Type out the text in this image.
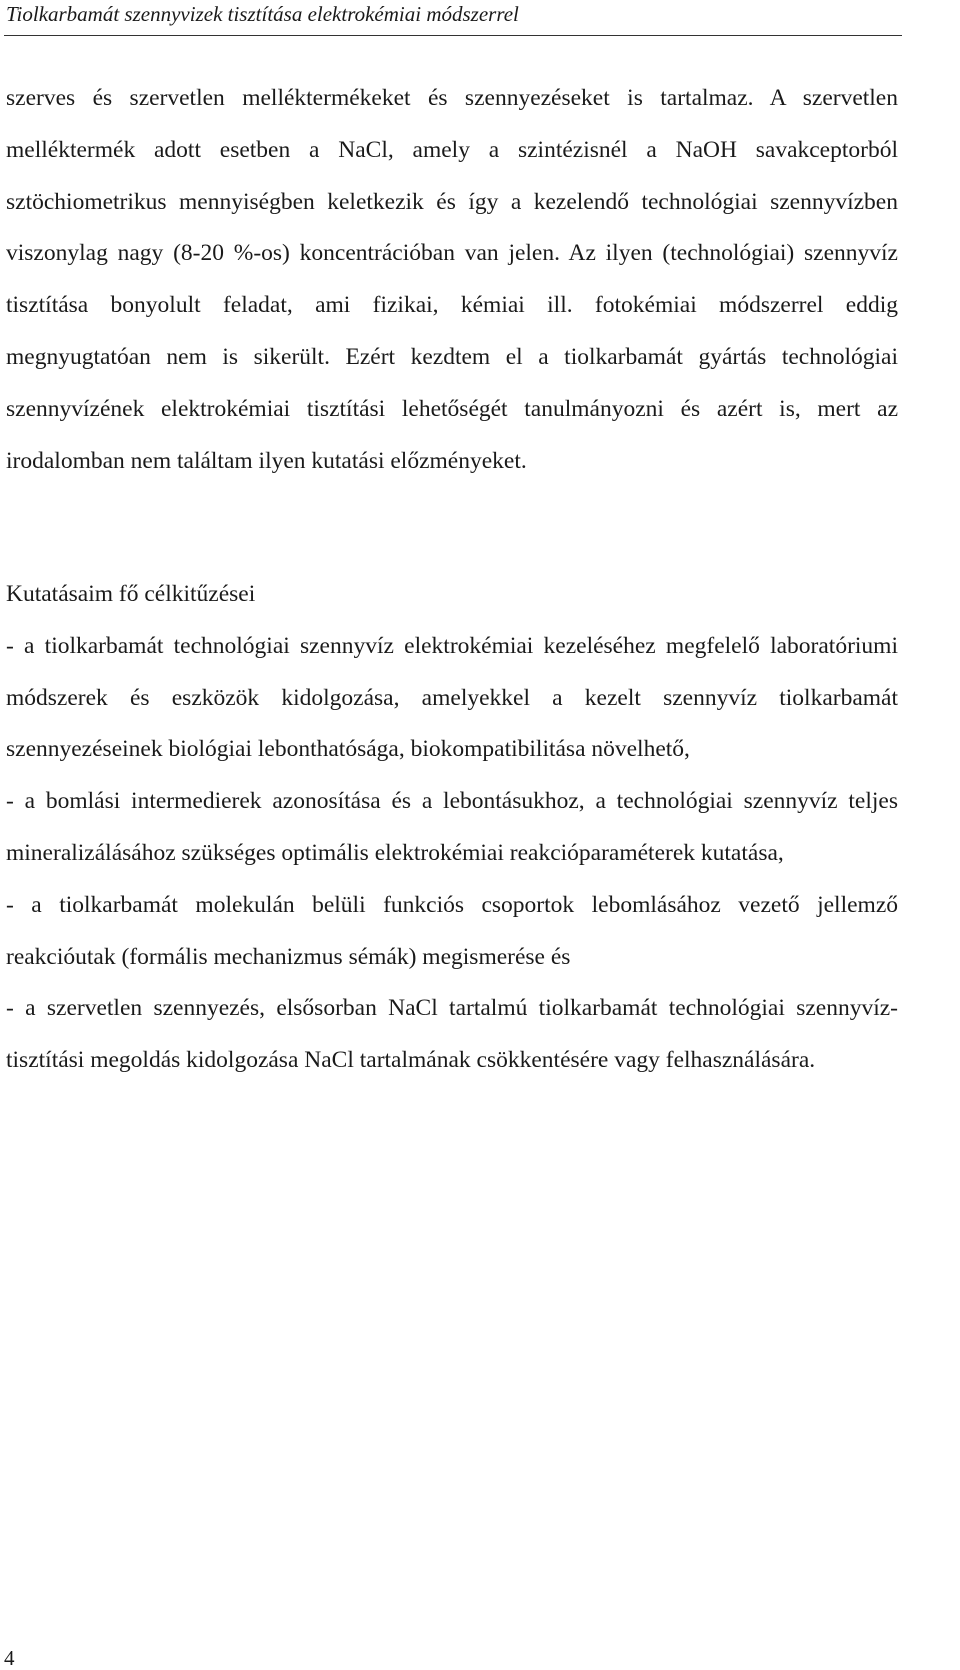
Tiolkarbamát szennyvizek tisztítása elektrokémiai módszerrel

szerves és szervetlen melléktermékeket és szennyezéseket is tartalmaz. A szervetlen melléktermék adott esetben a NaCl, amely a szintézisnél a NaOH savakceptorból sztöchiometrikus mennyiségben keletkezik és így a kezelendő technológiai szennyvízben viszonylag nagy (8-20 %-os) koncentrációban van jelen. Az ilyen (technológiai) szennyvíz tisztítása bonyolult feladat, ami fizikai, kémiai ill. fotokémiai módszerrel eddig megnyugtatóan nem is sikerült. Ezért kezdtem el a tiolkarbamát gyártás technológiai szennyvízének elektrokémiai tisztítási lehetőségét tanulmányozni és azért is, mert az irodalomban nem találtam ilyen kutatási előzményeket.

Kutatásaim fő célkitűzései

- a tiolkarbamát technológiai szennyvíz elektrokémiai kezeléséhez megfelelő laboratóriumi módszerek és eszközök kidolgozása, amelyekkel a kezelt szennyvíz tiolkarbamát szennyezéseinek biológiai lebonthatósága, biokompatibilitása növelhető,

- a bomlási intermedierek azonosítása és a lebontásukhoz, a technológiai szennyvíz teljes mineralizálásához szükséges optimális elektrokémiai reakcióparaméterek kutatása,

- a tiolkarbamát molekulán belüli funkciós csoportok lebomlásához vezető jellemző reakcióutak (formális mechanizmus sémák) megismerése és

- a szervetlen szennyezés, elsősorban NaCl tartalmú tiolkarbamát technológiai szennyvíz-tisztítási megoldás kidolgozása NaCl tartalmának csökkentésére vagy felhasználására.

4
